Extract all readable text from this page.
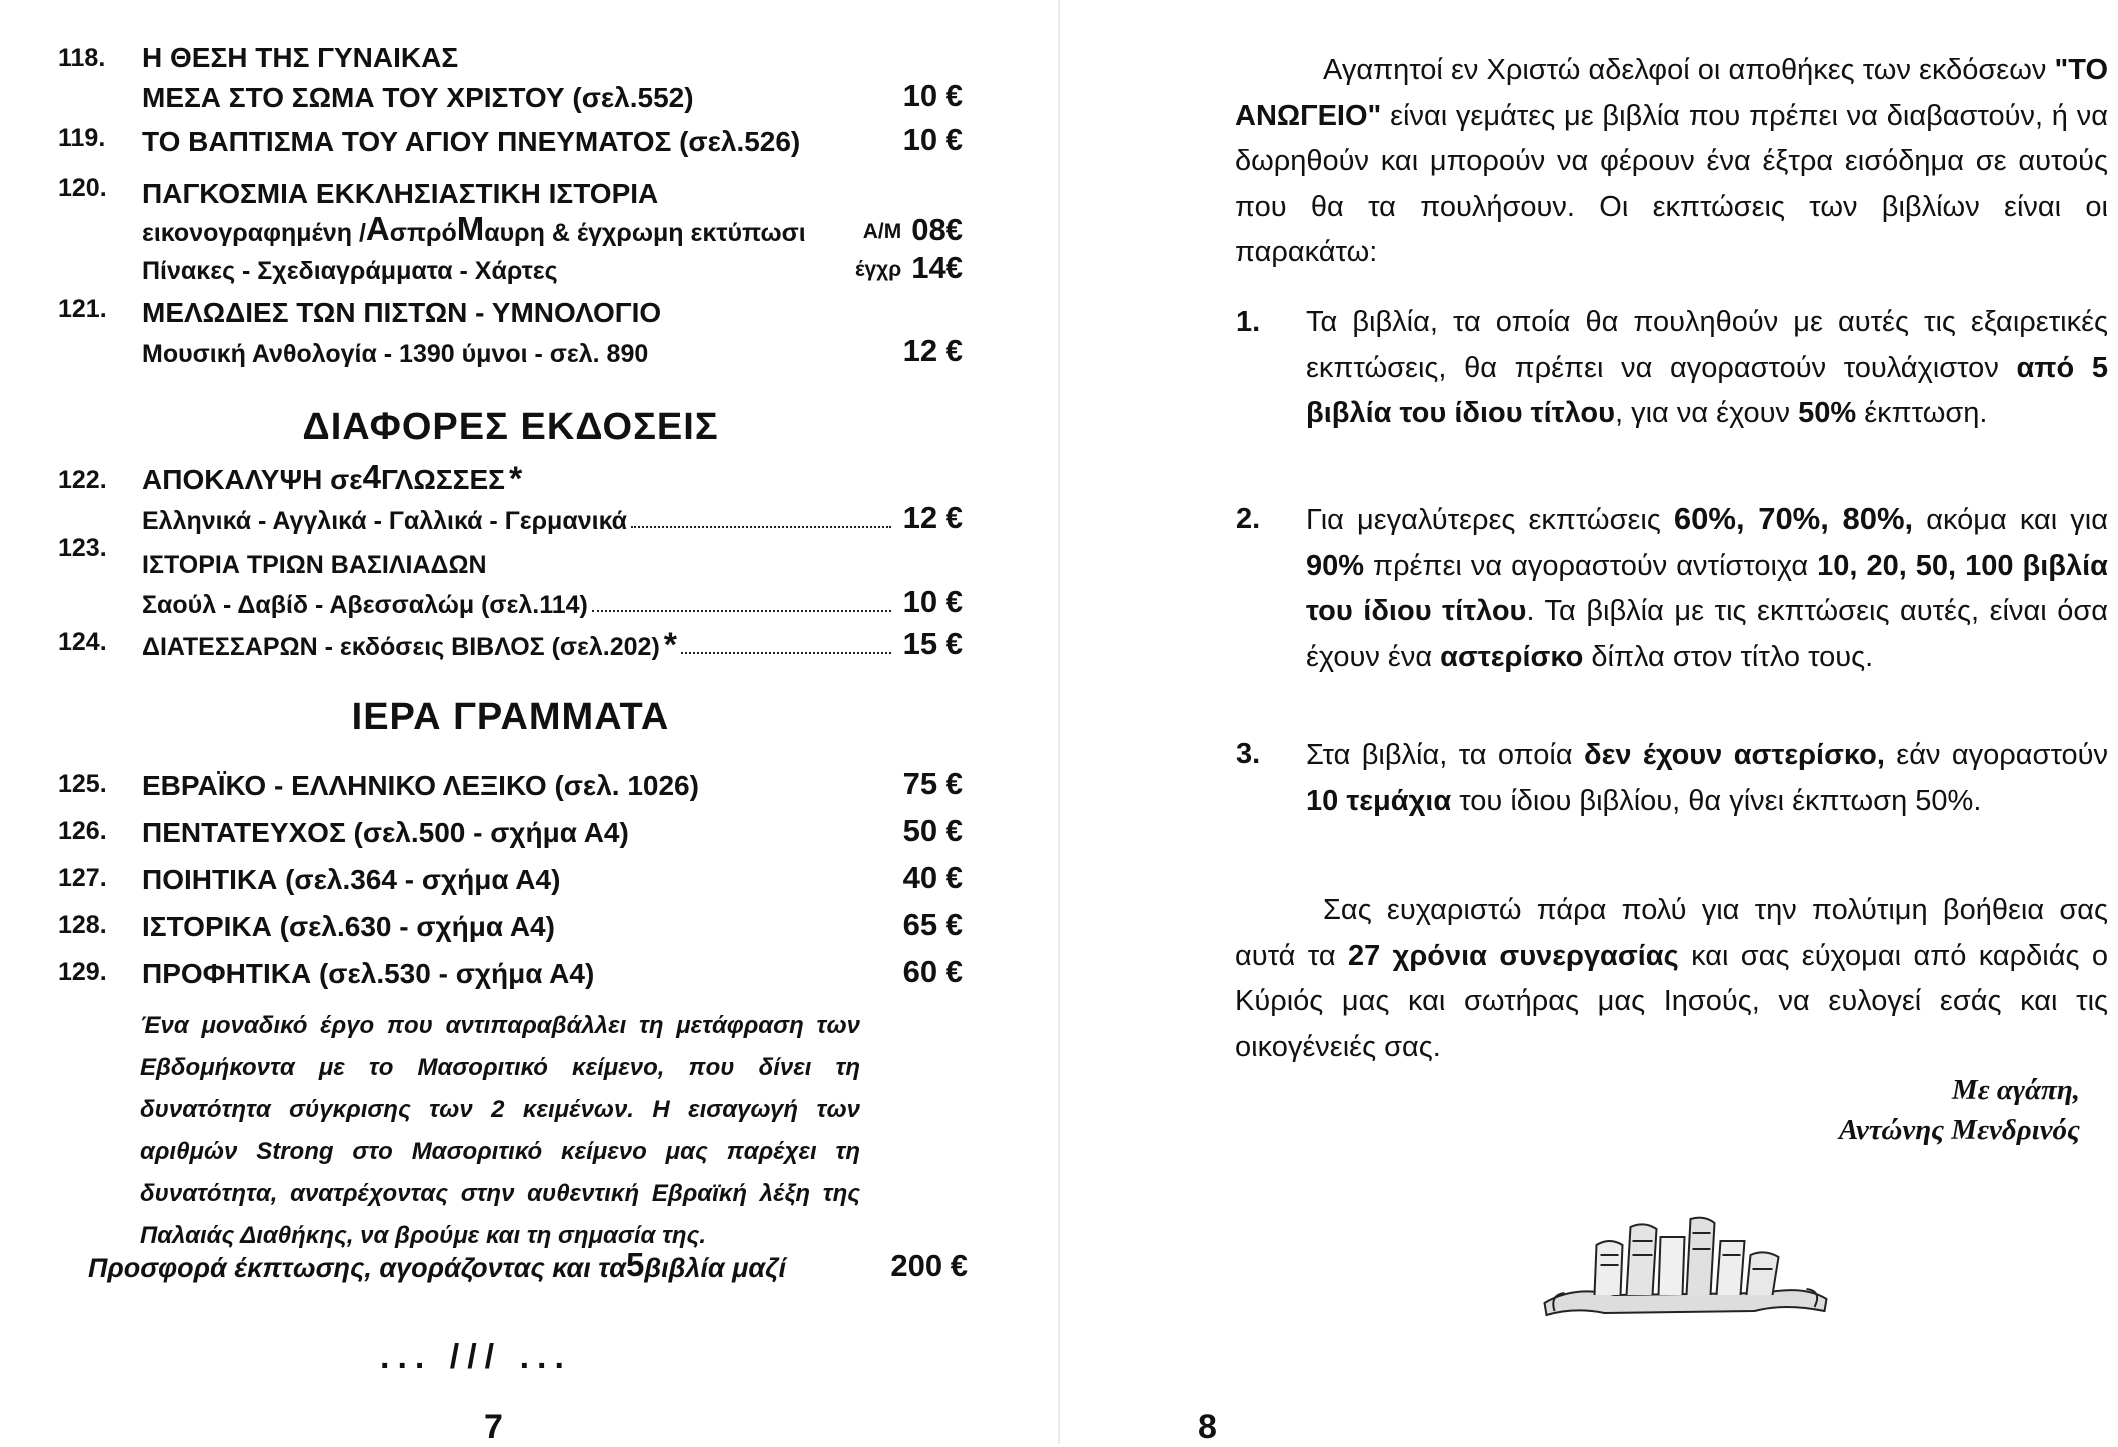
118. Η ΘΕΣΗ ΤΗΣ ΓΥΝΑΙΚΑΣ
ΜΕΣΑ ΣΤΟ ΣΩΜΑ ΤΟΥ ΧΡΙΣΤΟΥ (σελ.552)	10 €
119. ΤΟ ΒΑΠΤΙΣΜΑ ΤΟΥ ΑΓΙΟΥ ΠΝΕΥΜΑΤΟΣ (σελ.526)	10 €
120. ΠΑΓΚΟΣΜΙΑ ΕΚΚΛΗΣΙΑΣΤΙΚΗ ΙΣΤΟΡΙΑ
εικονογραφημένη / Α σπρό Μ αυρη & έγχρωμη εκτύπωσι	Α/Μ 08€
Πίνακες - Σχεδιαγράμματα - Χάρτες	έγχρ 14€
121. ΜΕΛΩΔΙΕΣ ΤΩΝ ΠΙΣΤΩΝ - ΥΜΝΟΛΟΓΙΟ
Μουσική Ανθολογία - 1390 ύμνοι - σελ. 890	12 €
ΔΙΑΦΟΡΕΣ ΕΚΔΟΣΕΙΣ
122. ΑΠΟΚΑΛΥΨΗ σε 4 ΓΛΩΣΣΕΣ *
Ελληνικά - Αγγλικά - Γαλλικά - Γερμανικά	12 €
123.
ΙΣΤΟΡΙΑ ΤΡΙΩΝ ΒΑΣΙΛΙΑΔΩΝ
Σαούλ - Δαβίδ - Αβεσσαλώμ (σελ.114)	10 €
124. ΔΙΑΤΕΣΣΑΡΩΝ - εκδόσεις ΒΙΒΛΟΣ (σελ.202) *	15 €
ΙΕΡΑ ΓΡΑΜΜΑΤΑ
125. ΕΒΡΑΪΚΟ - ΕΛΛΗΝΙΚΟ ΛΕΞΙΚΟ (σελ. 1026)	75 €
126. ΠΕΝΤΑΤΕΥΧΟΣ (σελ.500 - σχήμα Α4)	50 €
127. ΠΟΙΗΤΙΚΑ (σελ.364 - σχήμα Α4)	40 €
128. ΙΣΤΟΡΙΚΑ (σελ.630 - σχήμα Α4)	65 €
129. ΠΡΟΦΗΤΙΚΑ (σελ.530 - σχήμα Α4)	60 €
Ένα μοναδικό έργο που αντιπαραβάλλει τη μετάφραση των Εβδομήκοντα με το Μασοριτικό κείμενο, που δίνει τη δυνατότητα σύγκρισης των 2 κειμένων. Η εισαγωγή των αριθμών Strong στο Μασοριτικό κείμενο μας παρέχει τη δυνατότητα, ανατρέχοντας στην αυθεντική Εβραϊκή λέξη της Παλαιάς Διαθήκης, να βρούμε και τη σημασία της.
Προσφορά έκπτωσης, αγοράζοντας και τα 5 βιβλία μαζί	200 €
... /// ...
7

Αγαπητοί εν Χριστώ αδελφοί οι αποθήκες των εκδόσεων "ΤΟ ΑΝΩΓΕΙΟ" είναι γεμάτες με βιβλία που πρέπει να διαβαστούν, ή να δωρηθούν και μπορούν να φέρουν ένα έξτρα εισόδημα σε αυτούς που θα τα πουλήσουν. Οι εκπτώσεις των βιβλίων είναι οι παρακάτω:

1. Τα βιβλία, τα οποία θα πουληθούν με αυτές τις εξαιρετικές εκπτώσεις, θα πρέπει να αγοραστούν τουλάχιστον από 5 βιβλία του ίδιου τίτλου, για να έχουν 50% έκπτωση.

2. Για μεγαλύτερες εκπτώσεις 60%, 70%, 80%, ακόμα και για 90% πρέπει να αγοραστούν αντίστοιχα 10, 20, 50, 100 βιβλία του ίδιου τίτλου. Τα βιβλία με τις εκπτώσεις αυτές, είναι όσα έχουν ένα αστερίσκο δίπλα στον τίτλο τους.

3. Στα βιβλία, τα οποία δεν έχουν αστερίσκο, εάν αγοραστούν 10 τεμάχια του ίδιου βιβλίου, θα γίνει έκπτωση 50%.

Σας ευχαριστώ πάρα πολύ για την πολύτιμη βοήθεια σας αυτά τα 27 χρόνια συνεργασίας και σας εύχομαι από καρδιάς ο Κύριός μας και σωτήρας μας Ιησούς, να ευλογεί εσάς και τις οικογένειές σας.

Με αγάπη,
Αντώνης Μενδρινός
8
